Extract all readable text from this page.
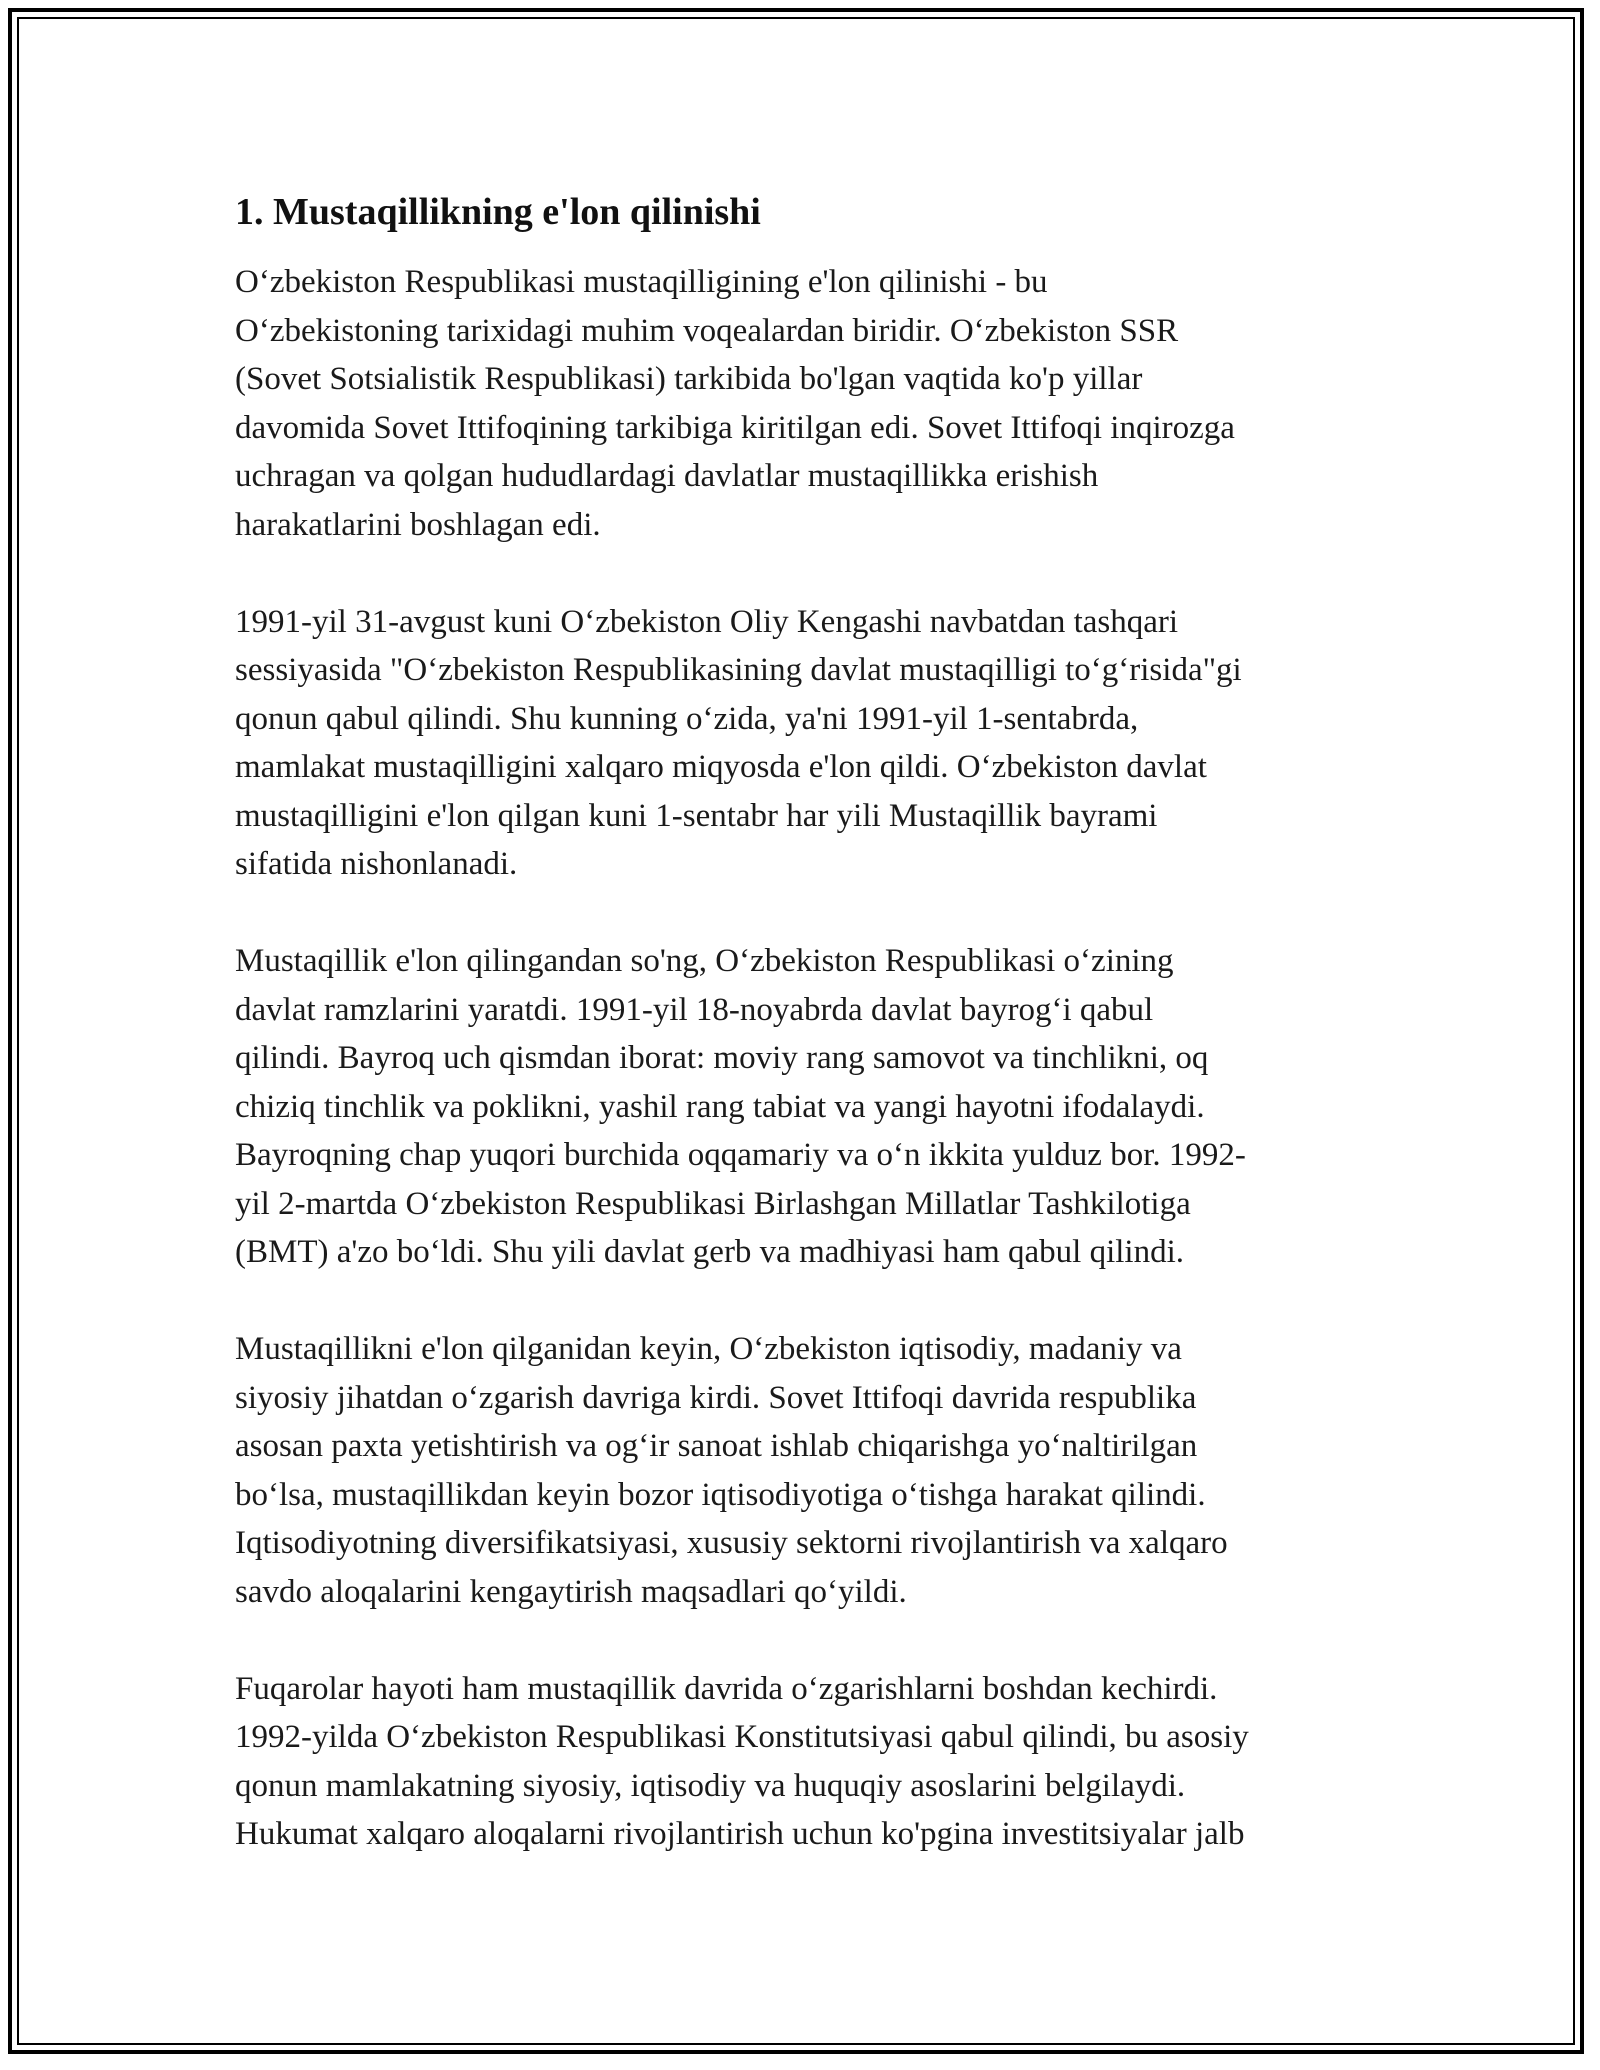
1. Mustaqillikning e'lon qilinishi

Oʻzbekiston Respublikasi mustaqilligining e'lon qilinishi - bu
Oʻzbekistoning tarixidagi muhim voqealardan biridir. Oʻzbekiston SSR
(Sovet Sotsialistik Respublikasi) tarkibida bo'lgan vaqtida ko'p yillar
davomida Sovet Ittifoqining tarkibiga kiritilgan edi. Sovet Ittifoqi inqirozga
uchragan va qolgan hududlardagi davlatlar mustaqillikka erishish
harakatlarini boshlagan edi.

1991-yil 31-avgust kuni Oʻzbekiston Oliy Kengashi navbatdan tashqari
sessiyasida "Oʻzbekiston Respublikasining davlat mustaqilligi toʻgʻrisida"gi
qonun qabul qilindi. Shu kunning oʻzida, ya'ni 1991-yil 1-sentabrda,
mamlakat mustaqilligini xalqaro miqyosda e'lon qildi. Oʻzbekiston davlat
mustaqilligini e'lon qilgan kuni 1-sentabr har yili Mustaqillik bayrami
sifatida nishonlanadi.

Mustaqillik e'lon qilingandan so'ng, Oʻzbekiston Respublikasi oʻzining
davlat ramzlarini yaratdi. 1991-yil 18-noyabrda davlat bayrogʻi qabul
qilindi. Bayroq uch qismdan iborat: moviy rang samovot va tinchlikni, oq
chiziq tinchlik va poklikni, yashil rang tabiat va yangi hayotni ifodalaydi.
Bayroqning chap yuqori burchida oqqamariy va oʻn ikkita yulduz bor. 1992-
yil 2-martda Oʻzbekiston Respublikasi Birlashgan Millatlar Tashkilotiga
(BMT) a'zo boʻldi. Shu yili davlat gerb va madhiyasi ham qabul qilindi.

Mustaqillikni e'lon qilganidan keyin, Oʻzbekiston iqtisodiy, madaniy va
siyosiy jihatdan oʻzgarish davriga kirdi. Sovet Ittifoqi davrida respublika
asosan paxta yetishtirish va ogʻir sanoat ishlab chiqarishga yoʻnaltirilgan
boʻlsa, mustaqillikdan keyin bozor iqtisodiyotiga oʻtishga harakat qilindi.
Iqtisodiyotning diversifikatsiyasi, xususiy sektorni rivojlantirish va xalqaro
savdo aloqalarini kengaytirish maqsadlari qoʻyildi.

Fuqarolar hayoti ham mustaqillik davrida oʻzgarishlarni boshdan kechirdi.
1992-yilda Oʻzbekiston Respublikasi Konstitutsiyasi qabul qilindi, bu asosiy
qonun mamlakatning siyosiy, iqtisodiy va huquqiy asoslarini belgilaydi.
Hukumat xalqaro aloqalarni rivojlantirish uchun ko'pgina investitsiyalar jalb
